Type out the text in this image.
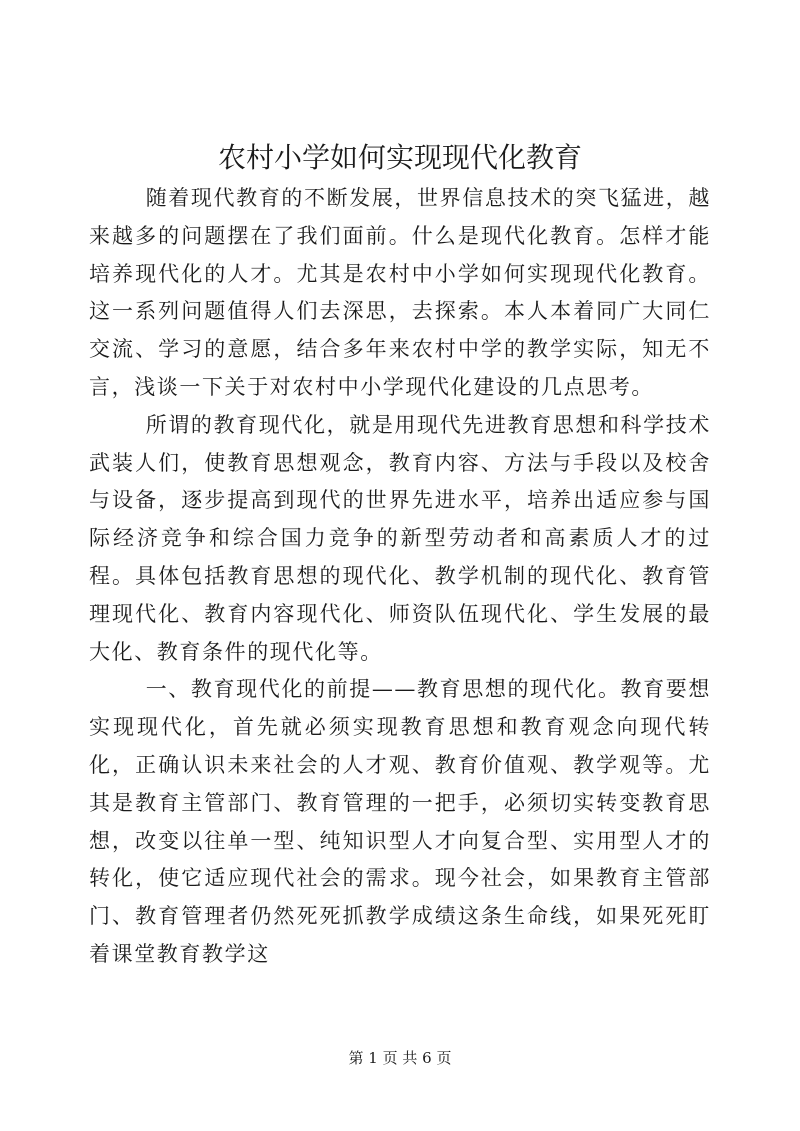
农村小学如何实现现代化教育

随着现代教育的不断发展，世界信息技术的突飞猛进，越来越多的问题摆在了我们面前。什么是现代化教育。怎样才能培养现代化的人才。尤其是农村中小学如何实现现代化教育。这一系列问题值得人们去深思，去探索。本人本着同广大同仁交流、学习的意愿，结合多年来农村中学的教学实际，知无不言，浅谈一下关于对农村中小学现代化建设的几点思考。

所谓的教育现代化，就是用现代先进教育思想和科学技术武装人们，使教育思想观念，教育内容、方法与手段以及校舍与设备，逐步提高到现代的世界先进水平，培养出适应参与国际经济竞争和综合国力竞争的新型劳动者和高素质人才的过程。具体包括教育思想的现代化、教学机制的现代化、教育管理现代化、教育内容现代化、师资队伍现代化、学生发展的最大化、教育条件的现代化等。

一、教育现代化的前提——教育思想的现代化。教育要想实现现代化，首先就必须实现教育思想和教育观念向现代转化，正确认识未来社会的人才观、教育价值观、教学观等。尤其是教育主管部门、教育管理的一把手，必须切实转变教育思想，改变以往单一型、纯知识型人才向复合型、实用型人才的转化，使它适应现代社会的需求。现今社会，如果教育主管部门、教育管理者仍然死死抓教学成绩这条生命线，如果死死盯着课堂教育教学这

第 1 页 共 6 页
